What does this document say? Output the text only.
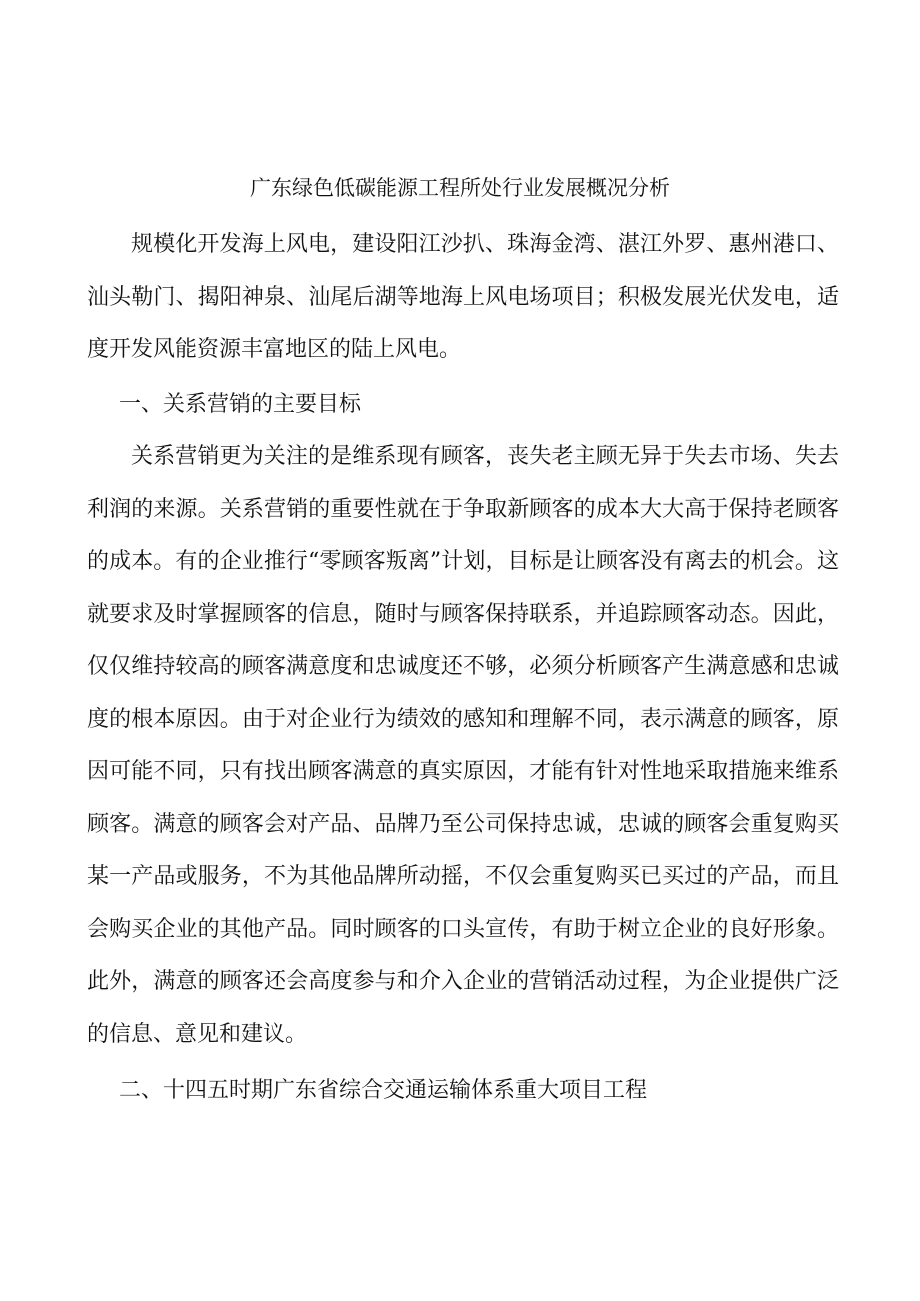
广东绿色低碳能源工程所处行业发展概况分析

规模化开发海上风电，建设阳江沙扒、珠海金湾、湛江外罗、惠州港口、汕头勒门、揭阳神泉、汕尾后湖等地海上风电场项目；积极发展光伏发电，适度开发风能资源丰富地区的陆上风电。

一、关系营销的主要目标

关系营销更为关注的是维系现有顾客，丧失老主顾无异于失去市场、失去利润的来源。关系营销的重要性就在于争取新顾客的成本大大高于保持老顾客的成本。有的企业推行“零顾客叛离”计划，目标是让顾客没有离去的机会。这就要求及时掌握顾客的信息，随时与顾客保持联系，并追踪顾客动态。因此，仅仅维持较高的顾客满意度和忠诚度还不够，必须分析顾客产生满意感和忠诚度的根本原因。由于对企业行为绩效的感知和理解不同，表示满意的顾客，原因可能不同，只有找出顾客满意的真实原因，才能有针对性地采取措施来维系顾客。满意的顾客会对产品、品牌乃至公司保持忠诚，忠诚的顾客会重复购买某一产品或服务，不为其他品牌所动摇，不仅会重复购买已买过的产品，而且会购买企业的其他产品。同时顾客的口头宣传，有助于树立企业的良好形象。此外，满意的顾客还会高度参与和介入企业的营销活动过程，为企业提供广泛的信息、意见和建议。

二、十四五时期广东省综合交通运输体系重大项目工程
